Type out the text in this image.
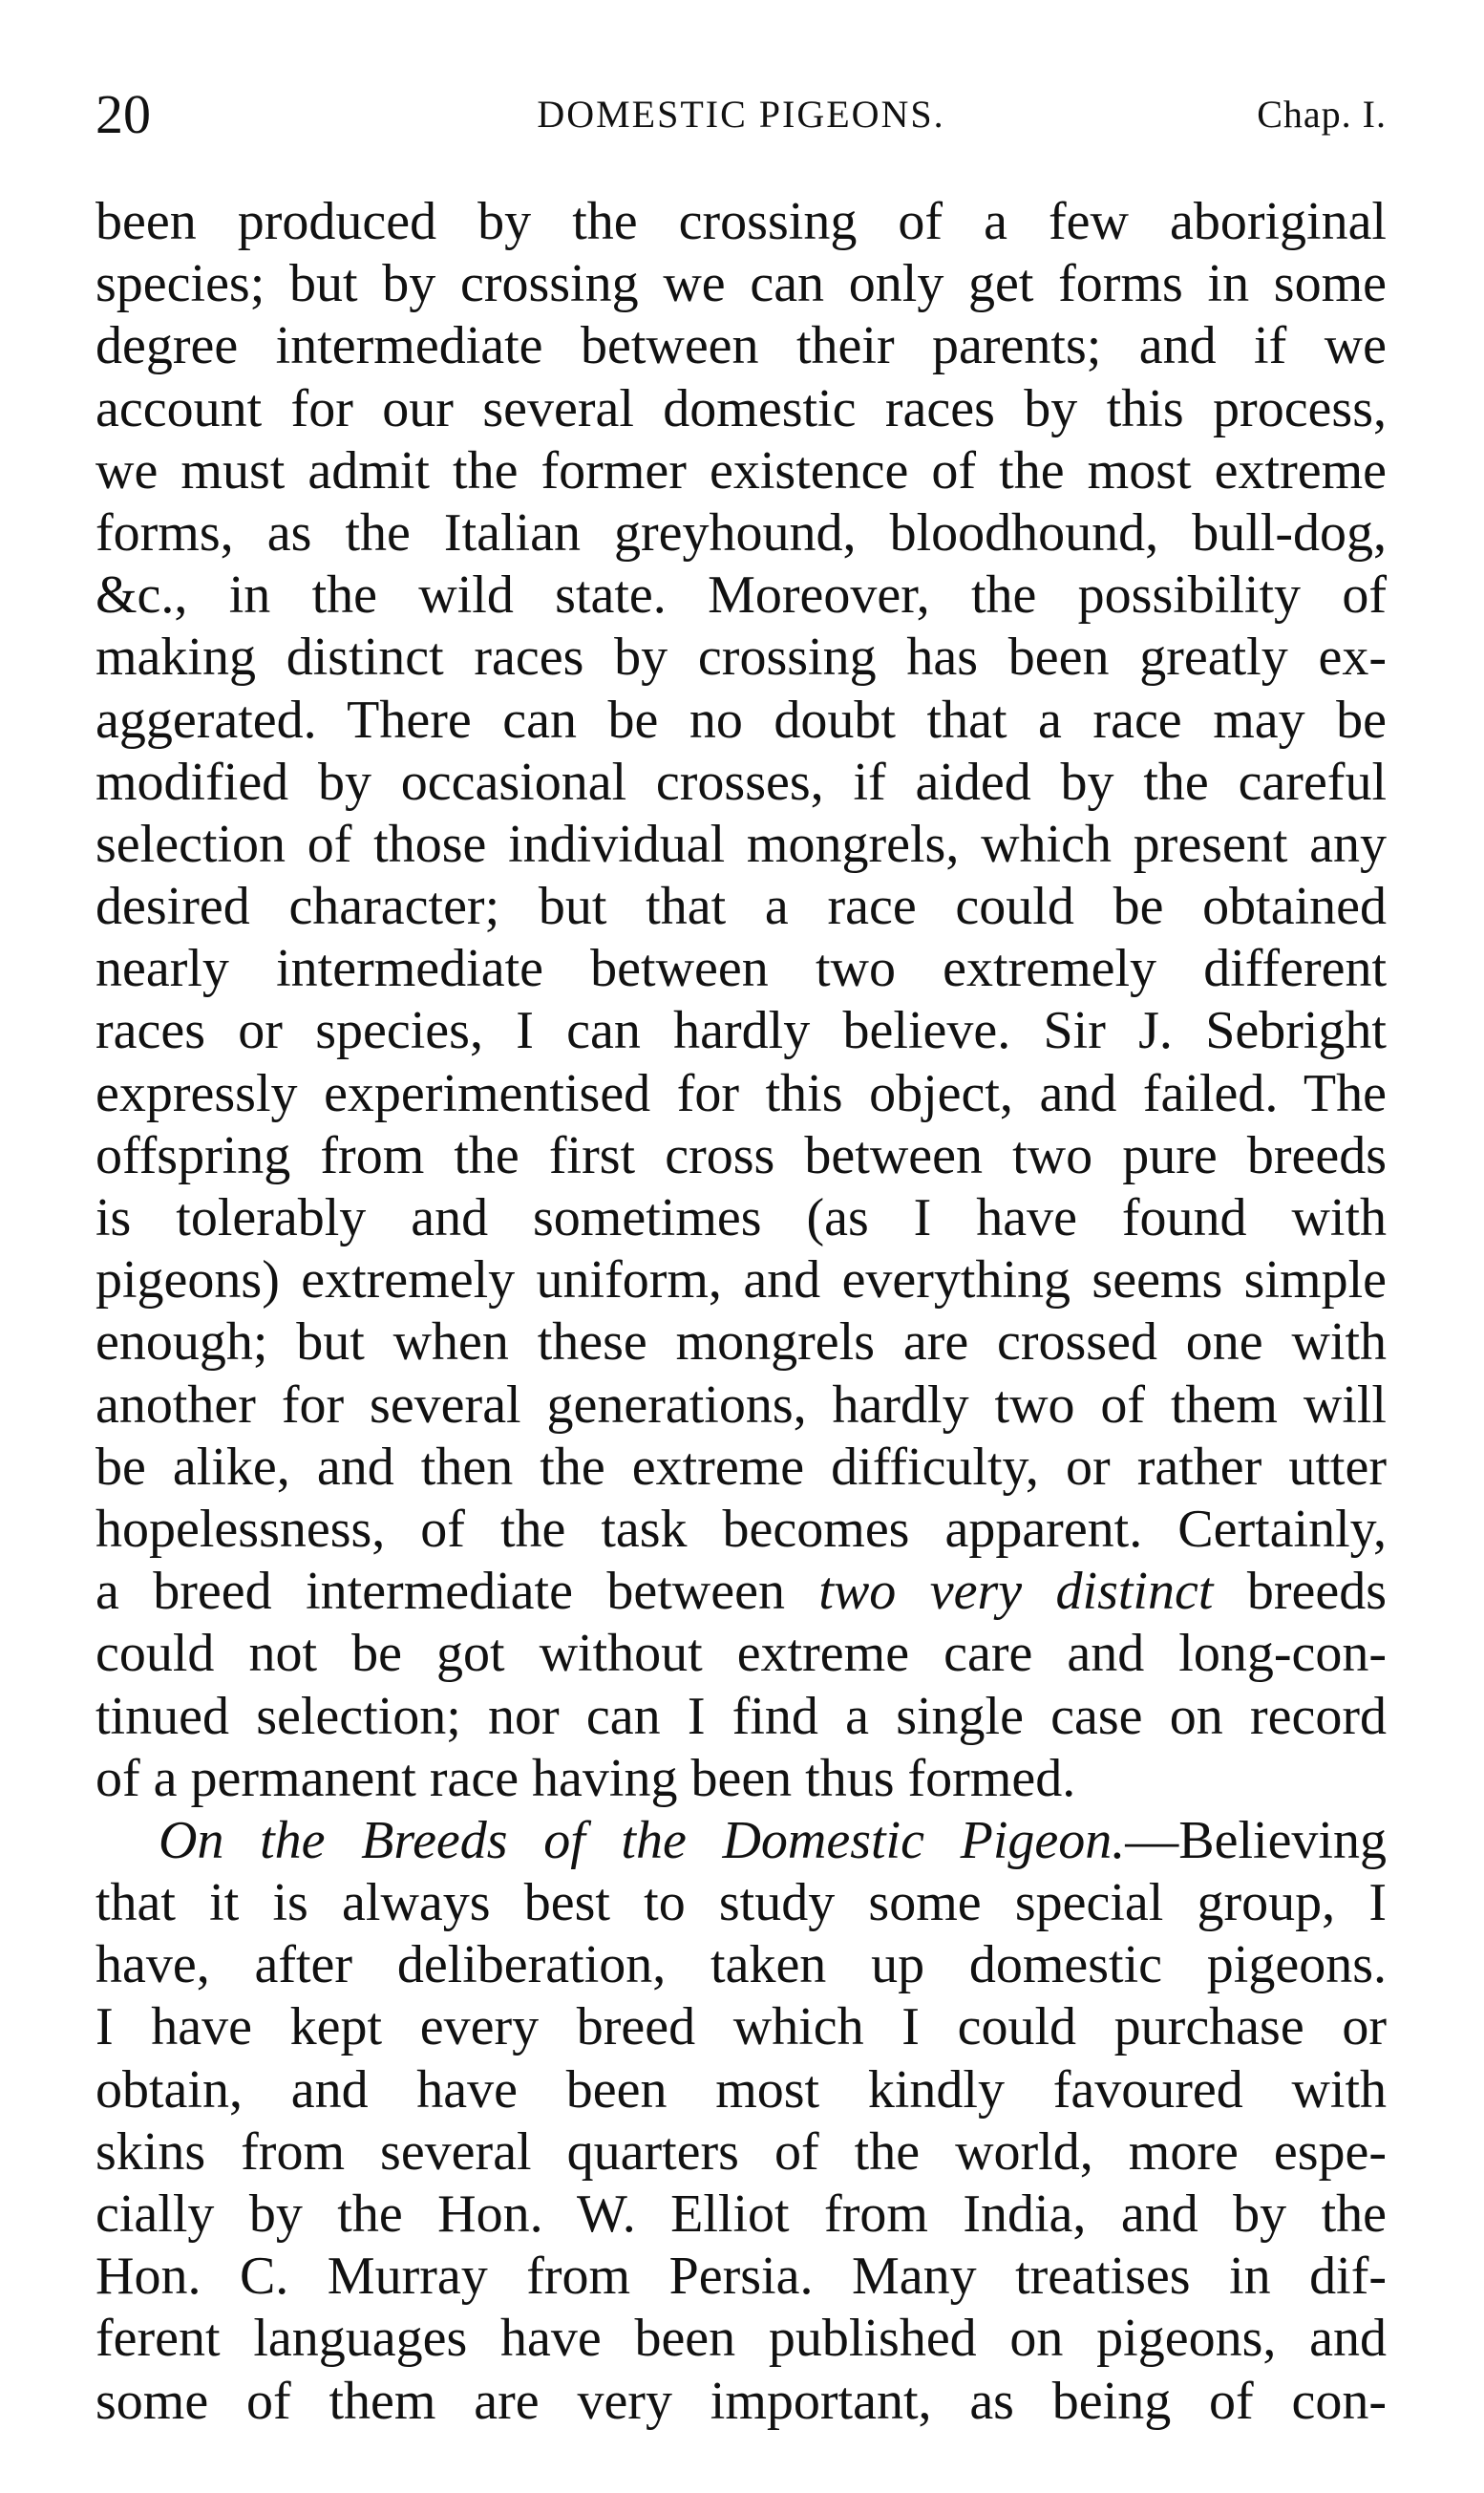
20	DOMESTIC PIGEONS.	Chap. I.
been produced by the crossing of a few aboriginal
species; but by crossing we can only get forms in some
degree intermediate between their parents; and if we
account for our several domestic races by this process,
we must admit the former existence of the most extreme
forms, as the Italian greyhound, bloodhound, bull-dog,
&c., in the wild state. Moreover, the possibility of
making distinct races by crossing has been greatly ex-
aggerated. There can be no doubt that a race may be
modified by occasional crosses, if aided by the careful
selection of those individual mongrels, which present any
desired character; but that a race could be obtained
nearly intermediate between two extremely different
races or species, I can hardly believe. Sir J. Sebright
expressly experimentised for this object, and failed. The
offspring from the first cross between two pure breeds
is tolerably and sometimes (as I have found with
pigeons) extremely uniform, and everything seems simple
enough; but when these mongrels are crossed one with
another for several generations, hardly two of them will
be alike, and then the extreme difficulty, or rather utter
hopelessness, of the task becomes apparent. Certainly,
a breed intermediate between two very distinct breeds
could not be got without extreme care and long-con-
tinued selection; nor can I find a single case on record
of a permanent race having been thus formed.
On the Breeds of the Domestic Pigeon.—Believing
that it is always best to study some special group, I
have, after deliberation, taken up domestic pigeons.
I have kept every breed which I could purchase or
obtain, and have been most kindly favoured with
skins from several quarters of the world, more espe-
cially by the Hon. W. Elliot from India, and by the
Hon. C. Murray from Persia. Many treatises in dif-
ferent languages have been published on pigeons, and
some of them are very important, as being of con-
